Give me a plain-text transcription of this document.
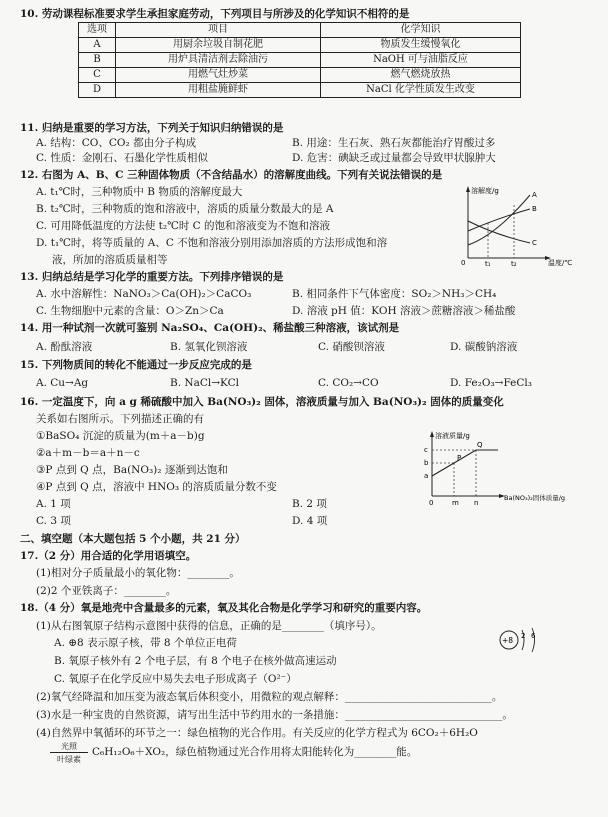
10. 劳动课程标准要求学生承担家庭劳动，下列项目与所涉及的化学知识不相符的是
选项	项目	化学知识
A	用厨余垃圾自制花肥	物质发生缓慢氧化
B	用炉具清洁剂去除油污	NaOH 可与油脂反应
C	用燃气灶炒菜	燃气燃烧放热
D	用粗盐腌鲜虾	NaCl 化学性质发生改变
11. 归纳是重要的学习方法，下列关于知识归纳错误的是
A. 结构：CO、CO₂ 都由分子构成	B. 用途：生石灰、熟石灰都能治疗胃酸过多
C. 性质：金刚石、石墨化学性质相似	D. 危害：碘缺乏或过量都会导致甲状腺肿大
12. 右图为 A、B、C 三种固体物质（不含结晶水）的溶解度曲线。下列有关说法错误的是
A. t₁℃时，三种物质中 B 物质的溶解度最大
B. t₂℃时，三种物质的饱和溶液中，溶质的质量分数最大的是 A
C. 可用降低温度的方法使 t₂℃时 C 的饱和溶液变为不饱和溶液
D. t₁℃时，将等质量的 A、C 不饱和溶液分别用添加溶质的方法形成饱和溶
液，所加的溶质质量相等
溶解度/g
温度/℃
0	t₁	t₂
A
B
C
13. 归纳总结是学习化学的重要方法。下列排序错误的是
A. 水中溶解性：NaNO₃＞Ca(OH)₂＞CaCO₃	B. 相同条件下气体密度：SO₂＞NH₃＞CH₄
C. 生物细胞中元素的含量：O＞Zn＞Ca	D. 溶液 pH 值：KOH 溶液＞蔗糖溶液＞稀盐酸
14. 用一种试剂一次就可鉴别 Na₂SO₄、Ca(OH)₂、稀盐酸三种溶液，该试剂是
A. 酚酞溶液	B. 氢氧化钡溶液	C. 硝酸钡溶液	D. 碳酸钠溶液
15. 下列物质间的转化不能通过一步反应完成的是
A. Cu→Ag	B. NaCl→KCl	C. CO₂→CO	D. Fe₂O₃→FeCl₃
16. 一定温度下，向 a g 稀硫酸中加入 Ba(NO₃)₂ 固体，溶液质量与加入 Ba(NO₃)₂ 固体的质量变化
关系如右图所示。下列描述正确的有
①BaSO₄ 沉淀的质量为(m＋a－b)g
②a＋m－b＝a＋n－c
③P 点到 Q 点，Ba(NO₃)₂ 逐渐到达饱和
④P 点到 Q 点，溶液中 HNO₃ 的溶质质量分数不变
A. 1 项	B. 2 项
C. 3 项	D. 4 项
溶液质量/g
Ba(NO₃)₂固体质量/g
c
b
a
0	m n
P
Q
二、填空题（本大题包括 5 个小题，共 21 分）
17.（2 分）用合适的化学用语填空。
(1)相对分子质量最小的氧化物：________。
(2)2 个亚铁离子：________。
18.（4 分）氧是地壳中含量最多的元素，氧及其化合物是化学学习和研究的重要内容。
(1)从右图氧原子结构示意图中获得的信息，正确的是________（填序号）。
A. ⊕8 表示原子核，带 8 个单位正电荷
B. 氧原子核外有 2 个电子层，有 8 个电子在核外做高速运动
C. 氧原子在化学反应中易失去电子形成离子（O²⁻）
(2)氧气经降温和加压变为液态氧后体积变小，用微粒的观点解释：____________________________。
(3)水是一种宝贵的自然资源，请写出生活中节约用水的一条措施：______________________________。
(4)自然界中氧循环的环节之一：绿色植物的光合作用。有关反应的化学方程式为 6CO₂＋6H₂O
光照
叶绿素
C₆H₁₂O₆＋XO₂，绿色植物通过光合作用将太阳能转化为________能。
+8 2 6
